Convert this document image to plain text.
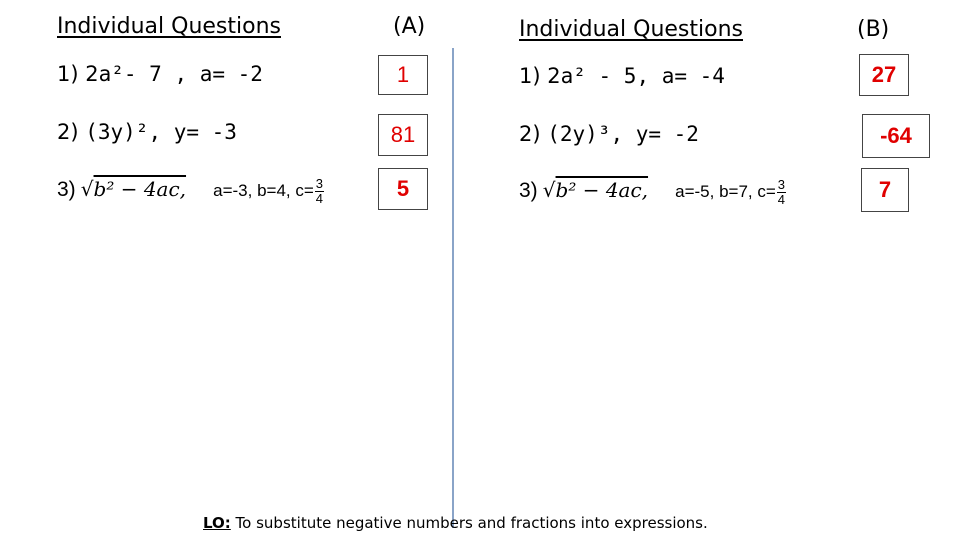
Individual Questions	(A)
1) 2a²- 7 , a= -2	1
2) (3y)², y= -3	81
3) √b² − 4ac, a=-3, b=4, $c= \frac{3}{4}$	5
Individual Questions	(B)
1) 2a² - 5, a= -4	27
2) (2y)³, y= -2	-64
3) √b² − 4ac, a=-5, b=7, $c= \frac{3}{4}$	7
LO: To substitute negative numbers and fractions into expressions.
